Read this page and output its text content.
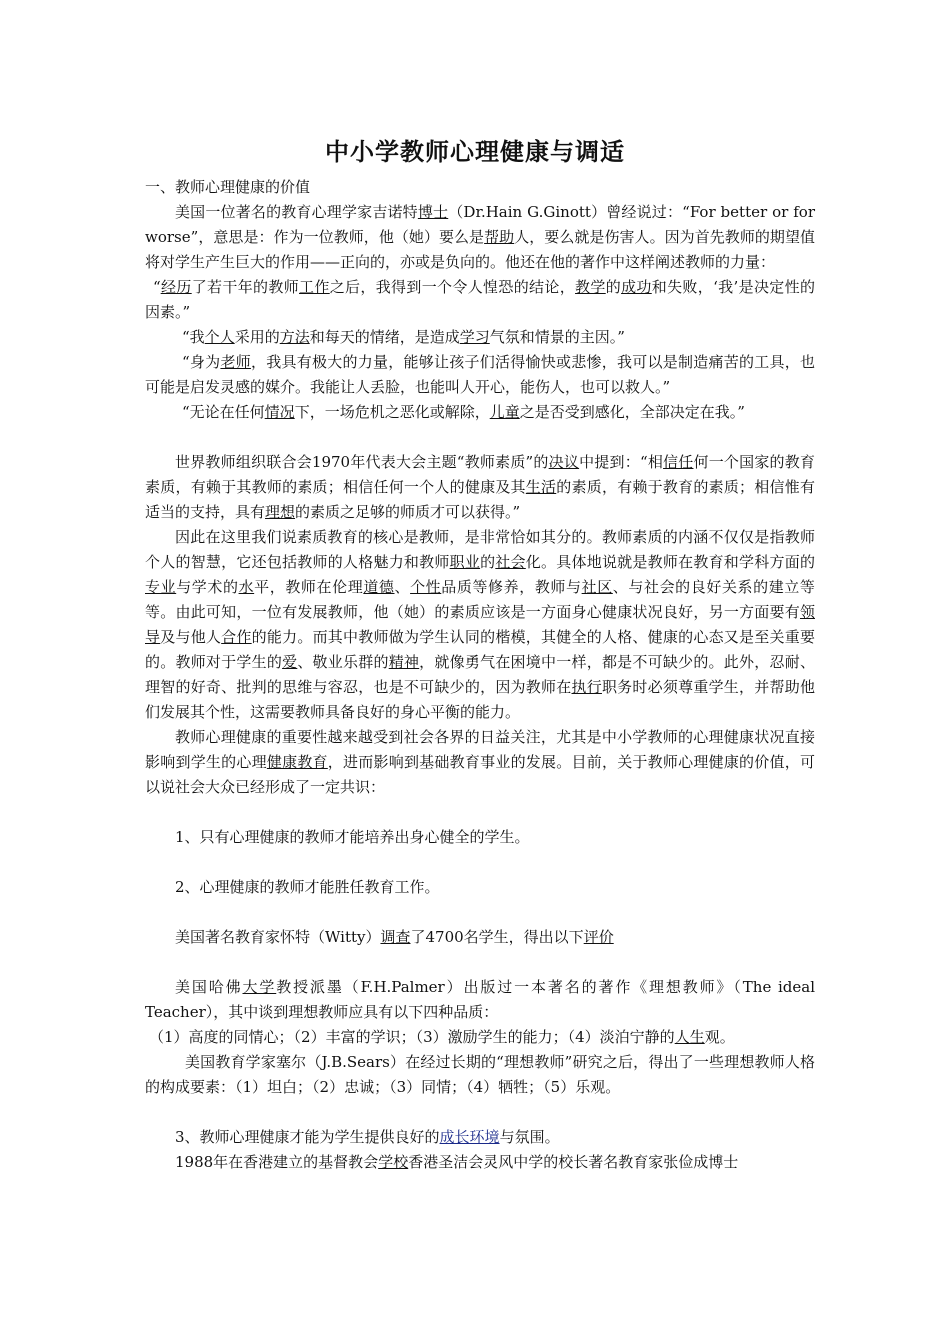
中小学教师心理健康与调适

一、教师心理健康的价值

美国一位著名的教育心理学家吉诺特博士（Dr.Hain G.Ginott）曾经说过：“For better or for worse”，意思是：作为一位教师，他（她）要么是帮助人，要么就是伤害人。因为首先教师的期望值将对学生产生巨大的作用——正向的，亦或是负向的。他还在他的著作中这样阐述教师的力量：

“经历了若干年的教师工作之后，我得到一个令人惶恐的结论，教学的成功和失败，‘我’是决定性的因素。”

“我个人采用的方法和每天的情绪，是造成学习气氛和情景的主因。”

“身为老师，我具有极大的力量，能够让孩子们活得愉快或悲惨，我可以是制造痛苦的工具，也可能是启发灵感的媒介。我能让人丢脸，也能叫人开心，能伤人，也可以救人。”

“无论在任何情况下，一场危机之恶化或解除，儿童之是否受到感化，全部决定在我。”

世界教师组织联合会1970年代表大会主题“教师素质”的决议中提到：“相信任何一个国家的教育素质，有赖于其教师的素质；相信任何一个人的健康及其生活的素质，有赖于教育的素质；相信惟有适当的支持，具有理想的素质之足够的师质才可以获得。”

因此在这里我们说素质教育的核心是教师，是非常恰如其分的。教师素质的内涵不仅仅是指教师个人的智慧，它还包括教师的人格魅力和教师职业的社会化。具体地说就是教师在教育和学科方面的专业与学术的水平，教师在伦理道德、个性品质等修养，教师与社区、与社会的良好关系的建立等等。由此可知，一位有发展教师，他（她）的素质应该是一方面身心健康状况良好，另一方面要有领导及与他人合作的能力。而其中教师做为学生认同的楷模，其健全的人格、健康的心态又是至关重要的。教师对于学生的爱、敬业乐群的精神，就像勇气在困境中一样，都是不可缺少的。此外，忍耐、理智的好奇、批判的思维与容忍，也是不可缺少的，因为教师在执行职务时必须尊重学生，并帮助他们发展其个性，这需要教师具备良好的身心平衡的能力。

教师心理健康的重要性越来越受到社会各界的日益关注，尤其是中小学教师的心理健康状况直接影响到学生的心理健康教育，进而影响到基础教育事业的发展。目前，关于教师心理健康的价值，可以说社会大众已经形成了一定共识：

1、只有心理健康的教师才能培养出身心健全的学生。

2、心理健康的教师才能胜任教育工作。

美国著名教育家怀特（Witty）调查了4700名学生，得出以下评价

美国哈佛大学教授派墨（F.H.Palmer）出版过一本著名的著作《理想教师》（The ideal Teacher），其中谈到理想教师应具有以下四种品质：

（1）高度的同情心；（2）丰富的学识；（3）激励学生的能力；（4）淡泊宁静的人生观。

美国教育学家塞尔（J.B.Sears）在经过长期的“理想教师”研究之后，得出了一些理想教师人格的构成要素：（1）坦白；（2）忠诚；（3）同情；（4）牺牲；（5）乐观。

3、教师心理健康才能为学生提供良好的成长环境与氛围。

1988年在香港建立的基督教会学校香港圣洁会灵风中学的校长著名教育家张俭成博士
